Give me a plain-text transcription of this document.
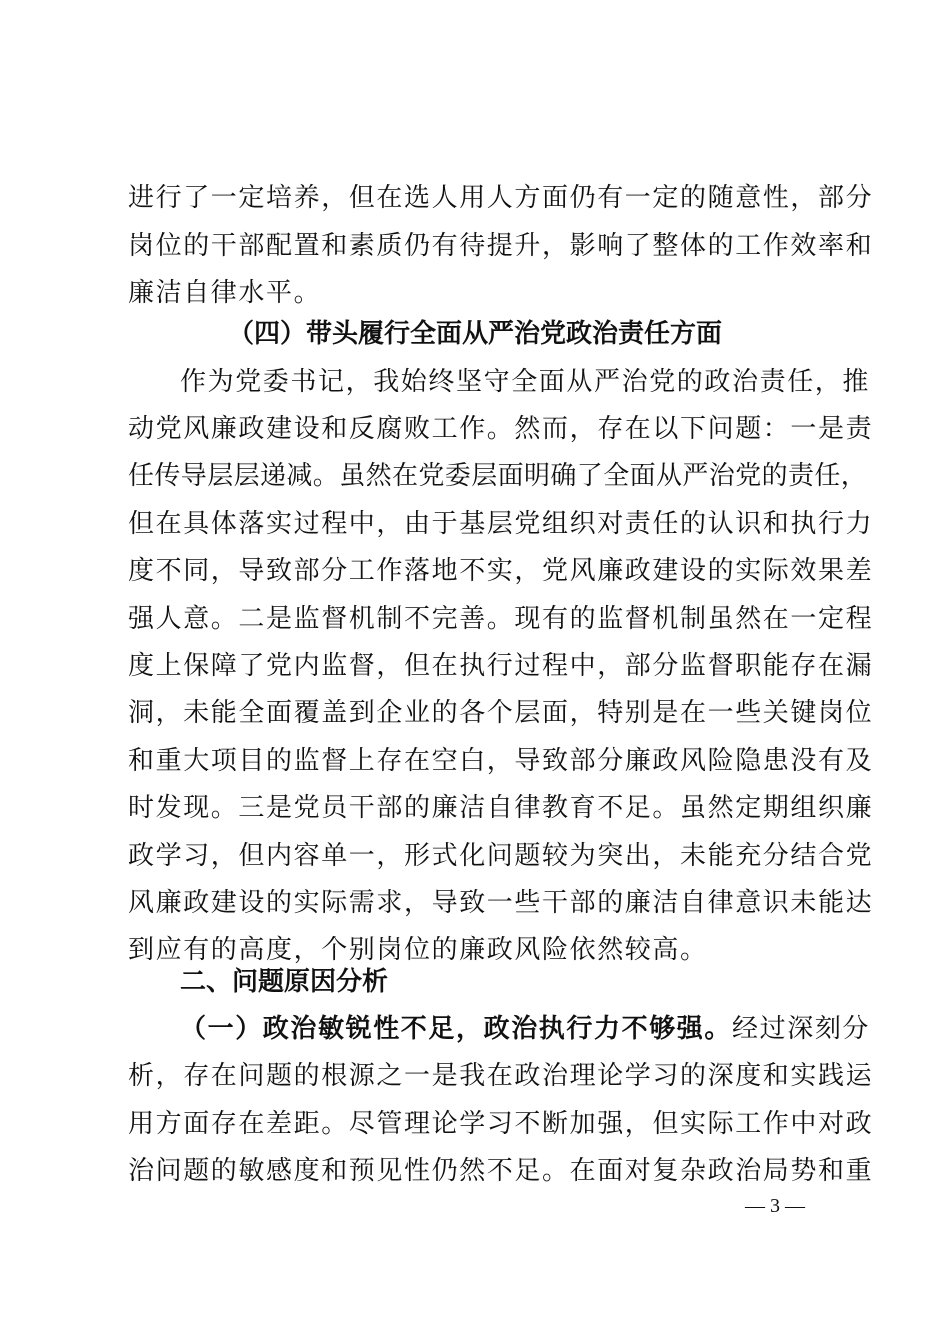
进行了一定培养，但在选人用人方面仍有一定的随意性，部分
岗位的干部配置和素质仍有待提升，影响了整体的工作效率和
廉洁自律水平。
（四）带头履行全面从严治党政治责任方面
作为党委书记，我始终坚守全面从严治党的政治责任，推
动党风廉政建设和反腐败工作。然而，存在以下问题：一是责
任传导层层递减。虽然在党委层面明确了全面从严治党的责任，
但在具体落实过程中，由于基层党组织对责任的认识和执行力
度不同，导致部分工作落地不实，党风廉政建设的实际效果差
强人意。二是监督机制不完善。现有的监督机制虽然在一定程
度上保障了党内监督，但在执行过程中，部分监督职能存在漏
洞，未能全面覆盖到企业的各个层面，特别是在一些关键岗位
和重大项目的监督上存在空白，导致部分廉政风险隐患没有及
时发现。三是党员干部的廉洁自律教育不足。虽然定期组织廉
政学习，但内容单一，形式化问题较为突出，未能充分结合党
风廉政建设的实际需求，导致一些干部的廉洁自律意识未能达
到应有的高度，个别岗位的廉政风险依然较高。
二、问题原因分析
（一）政治敏锐性不足，政治执行力不够强。经过深刻分
析，存在问题的根源之一是我在政治理论学习的深度和实践运
用方面存在差距。尽管理论学习不断加强，但实际工作中对政
治问题的敏感度和预见性仍然不足。在面对复杂政治局势和重
— 3 —
